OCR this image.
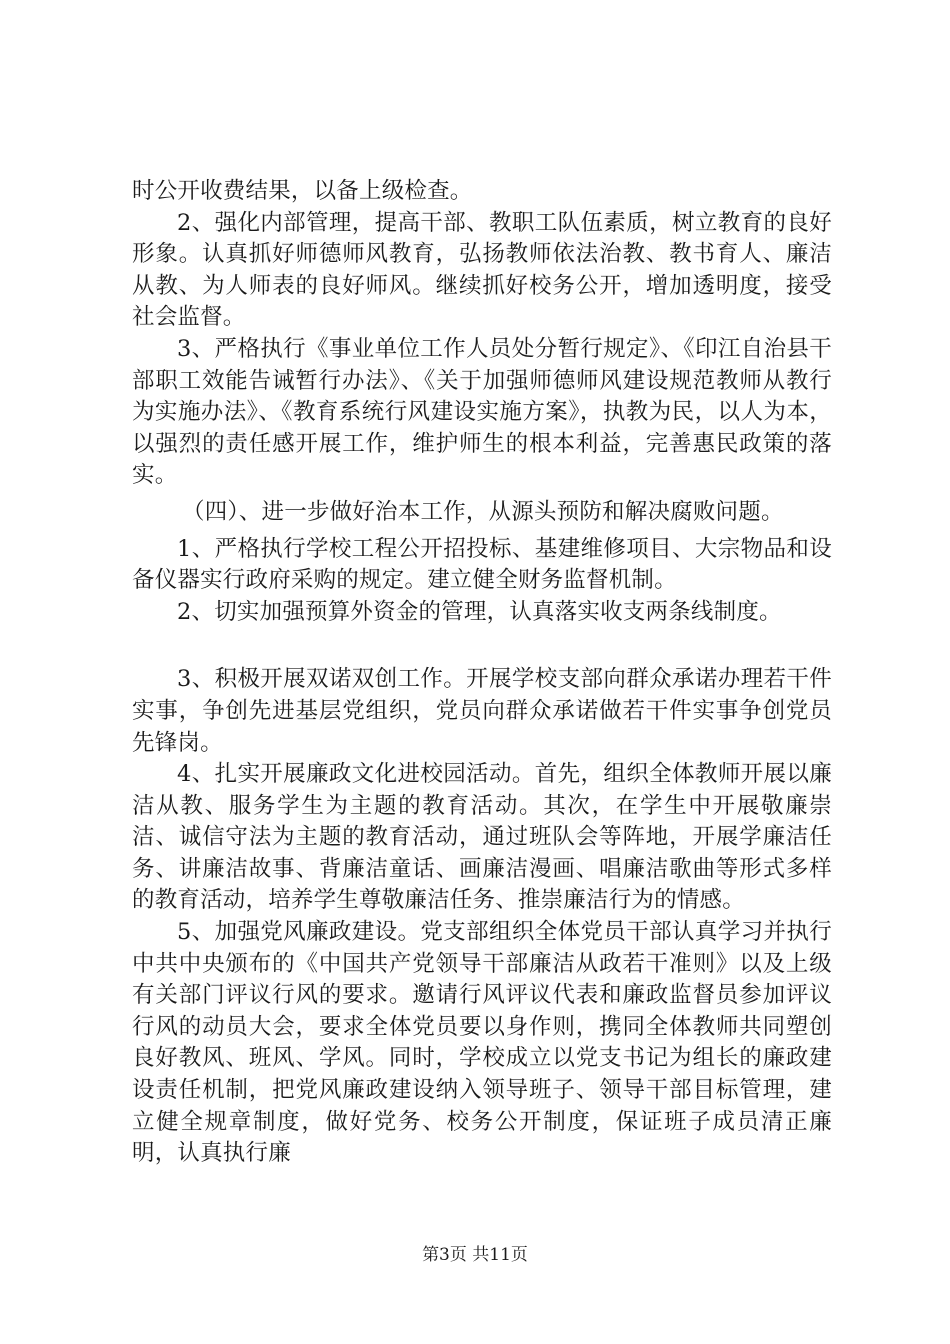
时公开收费结果，以备上级检查。

2、强化内部管理，提高干部、教职工队伍素质，树立教育的良好形象。认真抓好师德师风教育，弘扬教师依法治教、教书育人、廉洁从教、为人师表的良好师风。继续抓好校务公开，增加透明度，接受社会监督。

3、严格执行《事业单位工作人员处分暂行规定》、《印江自治县干部职工效能告诫暂行办法》、《关于加强师德师风建设规范教师从教行为实施办法》、《教育系统行风建设实施方案》，执教为民，以人为本，以强烈的责任感开展工作，维护师生的根本利益，完善惠民政策的落实。

（四）、进一步做好治本工作，从源头预防和解决腐败问题。

1、严格执行学校工程公开招投标、基建维修项目、大宗物品和设备仪器实行政府采购的规定。建立健全财务监督机制。

2、切实加强预算外资金的管理，认真落实收支两条线制度。

3、积极开展双诺双创工作。开展学校支部向群众承诺办理若干件实事，争创先进基层党组织，党员向群众承诺做若干件实事争创党员先锋岗。

4、扎实开展廉政文化进校园活动。首先，组织全体教师开展以廉洁从教、服务学生为主题的教育活动。其次，在学生中开展敬廉崇洁、诚信守法为主题的教育活动，通过班队会等阵地，开展学廉洁任务、讲廉洁故事、背廉洁童话、画廉洁漫画、唱廉洁歌曲等形式多样的教育活动，培养学生尊敬廉洁任务、推崇廉洁行为的情感。

5、加强党风廉政建设。党支部组织全体党员干部认真学习并执行中共中央颁布的《中国共产党领导干部廉洁从政若干准则》以及上级有关部门评议行风的要求。邀请行风评议代表和廉政监督员参加评议行风的动员大会，要求全体党员要以身作则，携同全体教师共同塑创良好教风、班风、学风。同时，学校成立以党支书记为组长的廉政建设责任机制，把党风廉政建设纳入领导班子、领导干部目标管理，建立健全规章制度，做好党务、校务公开制度，保证班子成员清正廉明，认真执行廉

第3页 共11页
